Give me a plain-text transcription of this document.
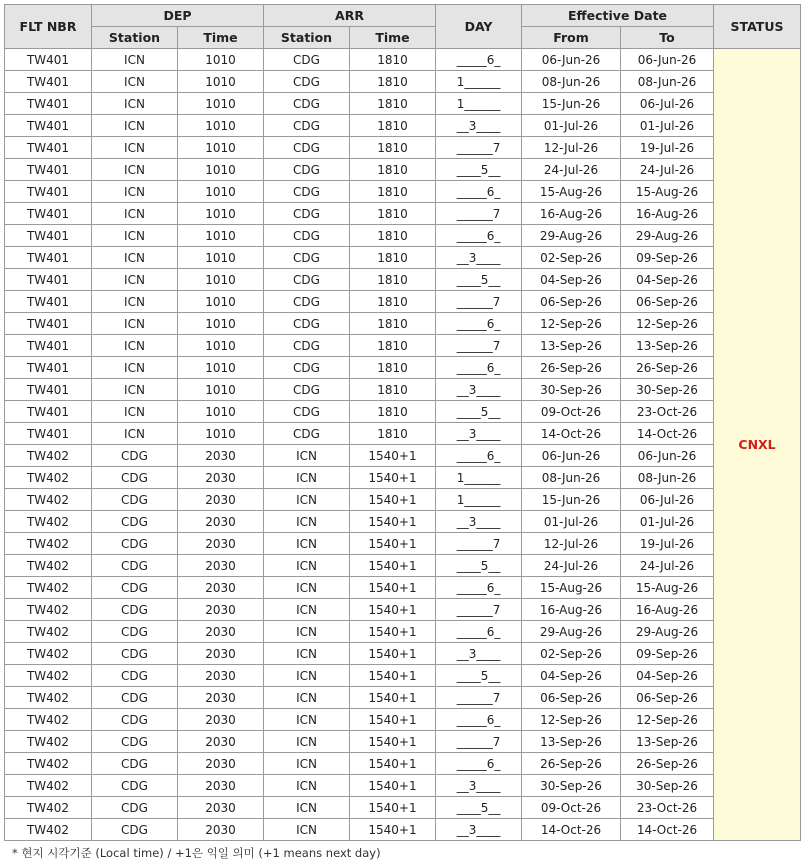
FLT NBR	DEP		ARR		DAY	Effective Date		STATUS
	Station	Time	Station	Time		From	To	
TW401	ICN	1010	CDG	1810	_____6_	06-Jun-26	06-Jun-26	CNXL
TW401	ICN	1010	CDG	1810	1______	08-Jun-26	08-Jun-26	
TW401	ICN	1010	CDG	1810	1______	15-Jun-26	06-Jul-26	
TW401	ICN	1010	CDG	1810	__3____	01-Jul-26	01-Jul-26	
TW401	ICN	1010	CDG	1810	______7	12-Jul-26	19-Jul-26	
TW401	ICN	1010	CDG	1810	____5__	24-Jul-26	24-Jul-26	
TW401	ICN	1010	CDG	1810	_____6_	15-Aug-26	15-Aug-26	
TW401	ICN	1010	CDG	1810	______7	16-Aug-26	16-Aug-26	
TW401	ICN	1010	CDG	1810	_____6_	29-Aug-26	29-Aug-26	
TW401	ICN	1010	CDG	1810	__3____	02-Sep-26	09-Sep-26	
TW401	ICN	1010	CDG	1810	____5__	04-Sep-26	04-Sep-26	
TW401	ICN	1010	CDG	1810	______7	06-Sep-26	06-Sep-26	
TW401	ICN	1010	CDG	1810	_____6_	12-Sep-26	12-Sep-26	
TW401	ICN	1010	CDG	1810	______7	13-Sep-26	13-Sep-26	
TW401	ICN	1010	CDG	1810	_____6_	26-Sep-26	26-Sep-26	
TW401	ICN	1010	CDG	1810	__3____	30-Sep-26	30-Sep-26	
TW401	ICN	1010	CDG	1810	____5__	09-Oct-26	23-Oct-26	
TW401	ICN	1010	CDG	1810	__3____	14-Oct-26	14-Oct-26	
TW402	CDG	2030	ICN	1540+1	_____6_	06-Jun-26	06-Jun-26	
TW402	CDG	2030	ICN	1540+1	1______	08-Jun-26	08-Jun-26	
TW402	CDG	2030	ICN	1540+1	1______	15-Jun-26	06-Jul-26	
TW402	CDG	2030	ICN	1540+1	__3____	01-Jul-26	01-Jul-26	
TW402	CDG	2030	ICN	1540+1	______7	12-Jul-26	19-Jul-26	
TW402	CDG	2030	ICN	1540+1	____5__	24-Jul-26	24-Jul-26	
TW402	CDG	2030	ICN	1540+1	_____6_	15-Aug-26	15-Aug-26	
TW402	CDG	2030	ICN	1540+1	______7	16-Aug-26	16-Aug-26	
TW402	CDG	2030	ICN	1540+1	_____6_	29-Aug-26	29-Aug-26	
TW402	CDG	2030	ICN	1540+1	__3____	02-Sep-26	09-Sep-26	
TW402	CDG	2030	ICN	1540+1	____5__	04-Sep-26	04-Sep-26	
TW402	CDG	2030	ICN	1540+1	______7	06-Sep-26	06-Sep-26	
TW402	CDG	2030	ICN	1540+1	_____6_	12-Sep-26	12-Sep-26	
TW402	CDG	2030	ICN	1540+1	______7	13-Sep-26	13-Sep-26	
TW402	CDG	2030	ICN	1540+1	_____6_	26-Sep-26	26-Sep-26	
TW402	CDG	2030	ICN	1540+1	__3____	30-Sep-26	30-Sep-26	
TW402	CDG	2030	ICN	1540+1	____5__	09-Oct-26	23-Oct-26	
TW402	CDG	2030	ICN	1540+1	__3____	14-Oct-26	14-Oct-26	
* 현지 시각기준 (Local time) / +1은 익일 의미 (+1 means next day)
